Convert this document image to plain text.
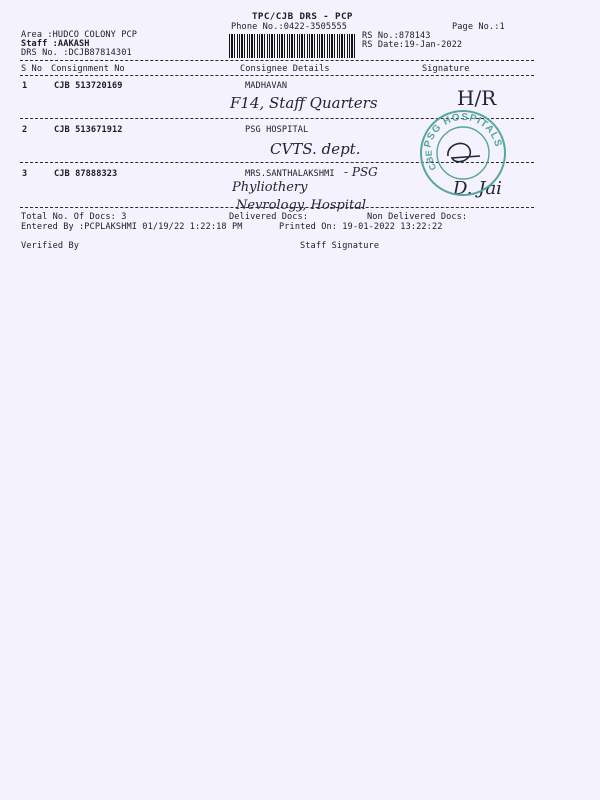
TPC/CJB DRS - PCP
Phone No.:0422-3505555	Page No.:1
Area :HUDCO COLONY PCP
Staff :AAKASH
DRS No. :DCJB87814301
RS No.:878143
RS Date:19-Jan-2022
S No Consignment No	Consignee Details	Signature
1	CJB 513720169	MADHAVAN
F14, Staff Quarters	H/R
2	CJB 513671912	PSG HOSPITAL
CVTS. dept.
3	CJB 87888323	MRS.SANTHALAKSHMI - PSG
Phyliothery
Nevrology, Hospital
D. Jai
PSG HOSPITALS
CBE
Total No. Of Docs: 3	Delivered Docs:	Non Delivered Docs:
Entered By :PCPLAKSHMI 01/19/22 1:22:18 PM	Printed On: 19-01-2022 13:22:22
Verified By	Staff Signature
